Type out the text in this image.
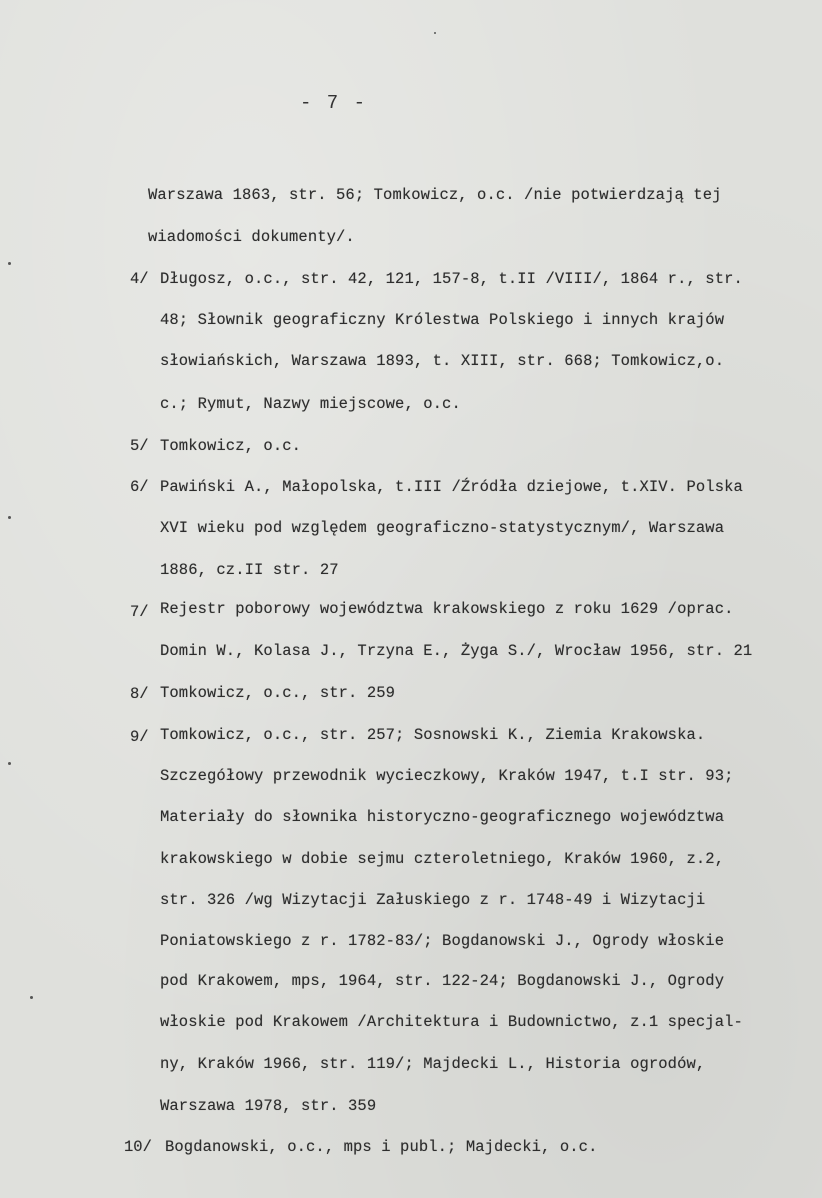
- 7 -
Warszawa 1863, str. 56; Tomkowicz, o.c. /nie potwierdzają tej
wiadomości dokumenty/.
4/ Długosz, o.c., str. 42, 121, 157-8, t.II /VIII/, 1864 r., str.
48; Słownik geograficzny Królestwa Polskiego i innych krajów
słowiańskich, Warszawa 1893, t. XIII, str. 668; Tomkowicz,o.
c.; Rymut, Nazwy miejscowe, o.c.
5/ Tomkowicz, o.c.
6/ Pawiński A., Małopolska, t.III /Źródła dziejowe, t.XIV. Polska
XVI wieku pod względem geograficzno-statystycznym/, Warszawa
1886, cz.II str. 27
7/ Rejestr poborowy województwa krakowskiego z roku 1629 /oprac.
Domin W., Kolasa J., Trzyna E., Żyga S./, Wrocław 1956, str. 21
8/ Tomkowicz, o.c., str. 259
9/ Tomkowicz, o.c., str. 257; Sosnowski K., Ziemia Krakowska.
Szczegółowy przewodnik wycieczkowy, Kraków 1947, t.I str. 93;
Materiały do słownika historyczno-geograficznego województwa
krakowskiego w dobie sejmu czteroletniego, Kraków 1960, z.2,
str. 326 /wg Wizytacji Załuskiego z r. 1748-49 i Wizytacji
Poniatowskiego z r. 1782-83/; Bogdanowski J., Ogrody włoskie
pod Krakowem, mps, 1964, str. 122-24; Bogdanowski J., Ogrody
włoskie pod Krakowem /Architektura i Budownictwo, z.1 specjal-
ny, Kraków 1966, str. 119/; Majdecki L., Historia ogrodów,
Warszawa 1978, str. 359
10/ Bogdanowski, o.c., mps i publ.; Majdecki, o.c.
